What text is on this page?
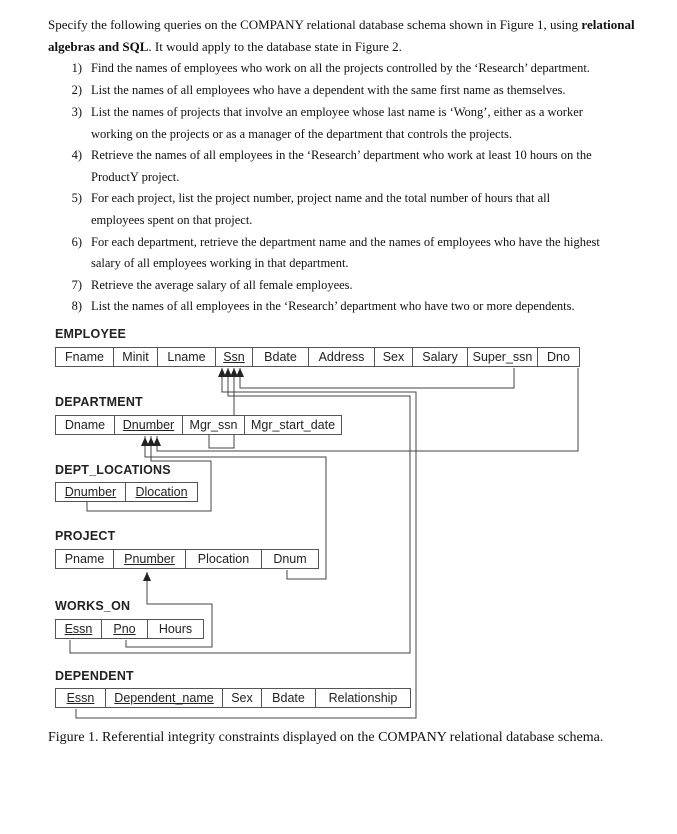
Specify the following queries on the COMPANY relational database schema shown in Figure 1, using relational algebras and SQL. It would apply to the database state in Figure 2.
1) Find the names of employees who work on all the projects controlled by the ‘Research’ department.
2) List the names of all employees who have a dependent with the same first name as themselves.
3) List the names of projects that involve an employee whose last name is ‘Wong’, either as a worker
working on the projects or as a manager of the department that controls the projects.
4) Retrieve the names of all employees in the ‘Research’ department who work at least 10 hours on the
ProductY project.
5) For each project, list the project number, project name and the total number of hours that all
employees spent on that project.
6) For each department, retrieve the department name and the names of employees who have the highest
salary of all employees working in that department.
7) Retrieve the average salary of all female employees.
8) List the names of all employees in the ‘Research’ department who have two or more dependents.
EMPLOYEE
Fname	Minit	Lname	Ssn	Bdate	Address	Sex	Salary	Super_ssn	Dno
DEPARTMENT
Dname	Dnumber	Mgr_ssn	Mgr_start_date
DEPT_LOCATIONS
Dnumber	Dlocation
PROJECT
Pname	Pnumber	Plocation	Dnum
WORKS_ON
Essn	Pno	Hours
DEPENDENT
Essn	Dependent_name	Sex	Bdate	Relationship
Figure 1. Referential integrity constraints displayed on the COMPANY relational database schema.
